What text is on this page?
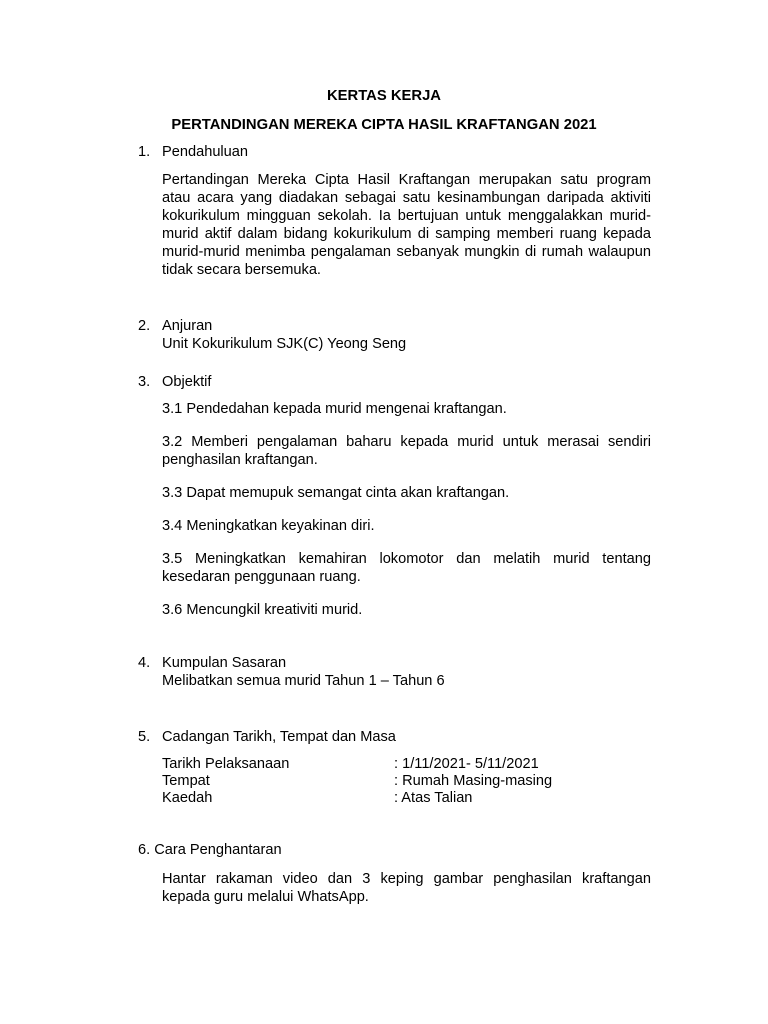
KERTAS KERJA
PERTANDINGAN MEREKA CIPTA HASIL KRAFTANGAN 2021
1. Pendahuluan
Pertandingan Mereka Cipta Hasil Kraftangan merupakan satu program atau acara yang diadakan sebagai satu kesinambungan daripada aktiviti kokurikulum mingguan sekolah. Ia bertujuan untuk menggalakkan murid-murid aktif dalam bidang kokurikulum di samping memberi ruang kepada murid-murid menimba pengalaman sebanyak mungkin di rumah walaupun tidak secara bersemuka.
2. Anjuran
Unit Kokurikulum SJK(C) Yeong Seng
3. Objektif
3.1 Pendedahan kepada murid mengenai kraftangan.
3.2 Memberi pengalaman baharu kepada murid untuk merasai sendiri penghasilan kraftangan.
3.3 Dapat memupuk semangat cinta akan kraftangan.
3.4 Meningkatkan keyakinan diri.
3.5 Meningkatkan kemahiran lokomotor dan melatih murid tentang kesedaran penggunaan ruang.
3.6 Mencungkil kreativiti murid.
4. Kumpulan Sasaran
Melibatkan semua murid Tahun 1 – Tahun 6
5. Cadangan Tarikh, Tempat dan Masa
Tarikh Pelaksanaan	: 1/11/2021- 5/11/2021
Tempat	: Rumah Masing-masing
Kaedah	: Atas Talian
6. Cara Penghantaran
Hantar rakaman video dan 3 keping gambar penghasilan kraftangan kepada guru melalui WhatsApp.
